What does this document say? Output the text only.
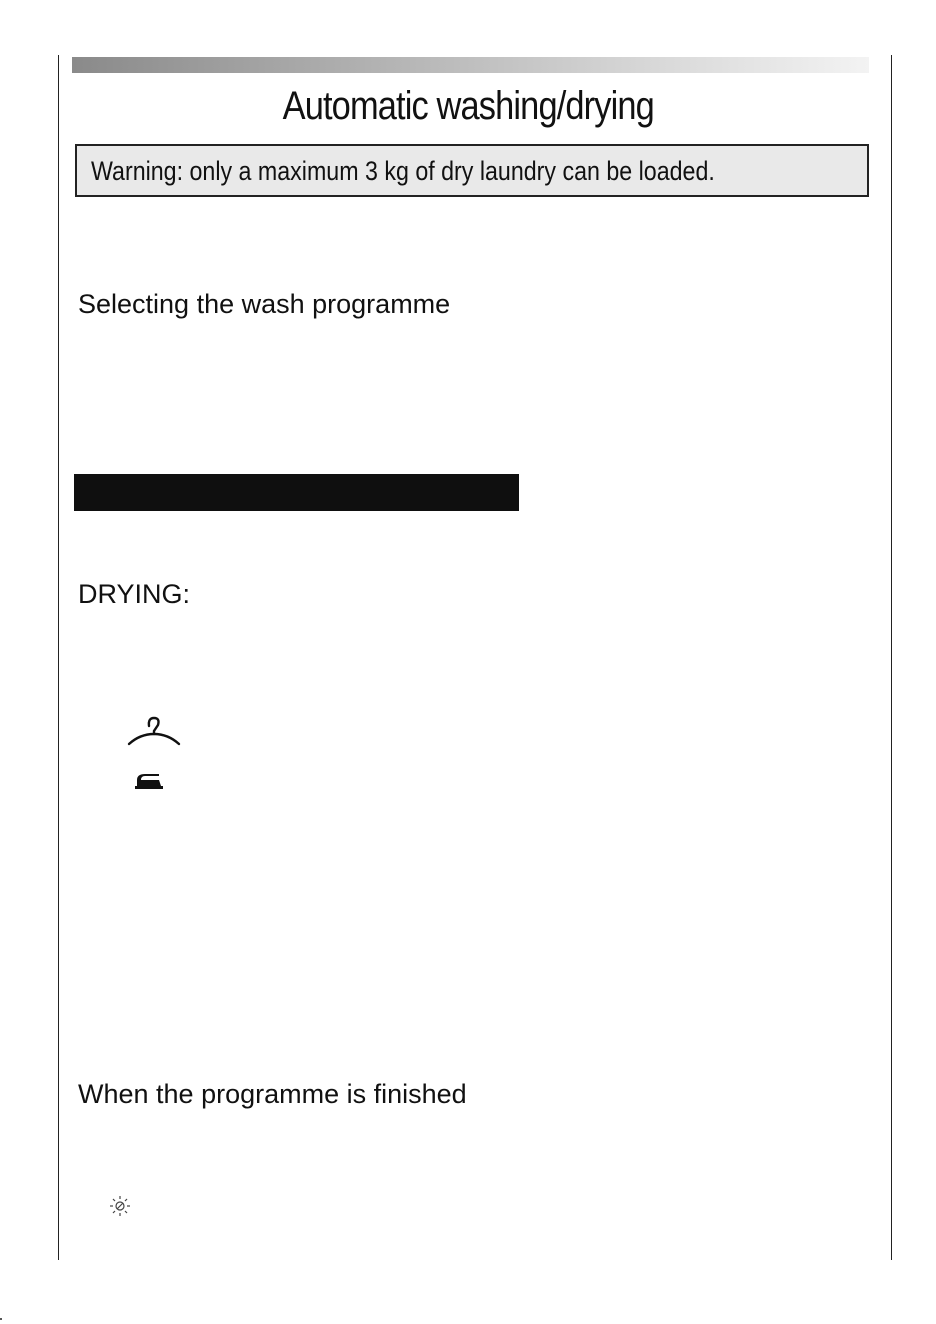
Automatic washing/drying
Warning: only a maximum 3 kg of dry laundry can be loaded.
Selecting the wash programme
DRYING:
When the programme is finished
